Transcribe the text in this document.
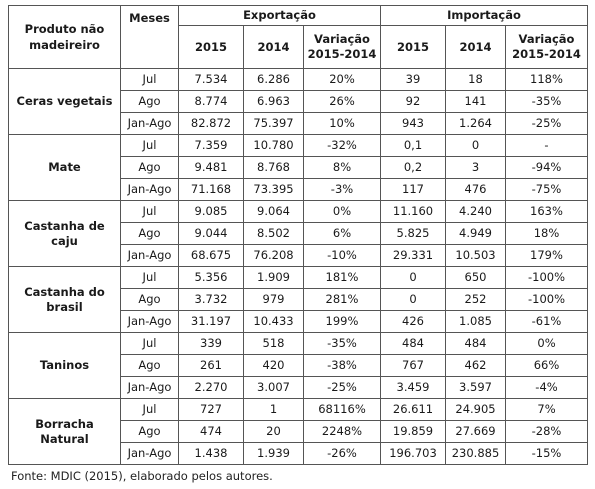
Produto não madeireiro	Meses	Exportação			Importação		
		2015	2014	Variação 2015-2014	2015	2014	Variação 2015-2014
Ceras vegetais	Jul	7.534	6.286	20%	39	18	118%
	Ago	8.774	6.963	26%	92	141	-35%
	Jan-Ago	82.872	75.397	10%	943	1.264	-25%
Mate	Jul	7.359	10.780	-32%	0,1	0	-
	Ago	9.481	8.768	8%	0,2	3	-94%
	Jan-Ago	71.168	73.395	-3%	117	476	-75%
Castanha de caju	Jul	9.085	9.064	0%	11.160	4.240	163%
	Ago	9.044	8.502	6%	5.825	4.949	18%
	Jan-Ago	68.675	76.208	-10%	29.331	10.503	179%
Castanha do brasil	Jul	5.356	1.909	181%	0	650	-100%
	Ago	3.732	979	281%	0	252	-100%
	Jan-Ago	31.197	10.433	199%	426	1.085	-61%
Taninos	Jul	339	518	-35%	484	484	0%
	Ago	261	420	-38%	767	462	66%
	Jan-Ago	2.270	3.007	-25%	3.459	3.597	-4%
Borracha Natural	Jul	727	1	68116%	26.611	24.905	7%
	Ago	474	20	2248%	19.859	27.669	-28%
	Jan-Ago	1.438	1.939	-26%	196.703	230.885	-15%
Fonte: MDIC (2015), elaborado pelos autores.
